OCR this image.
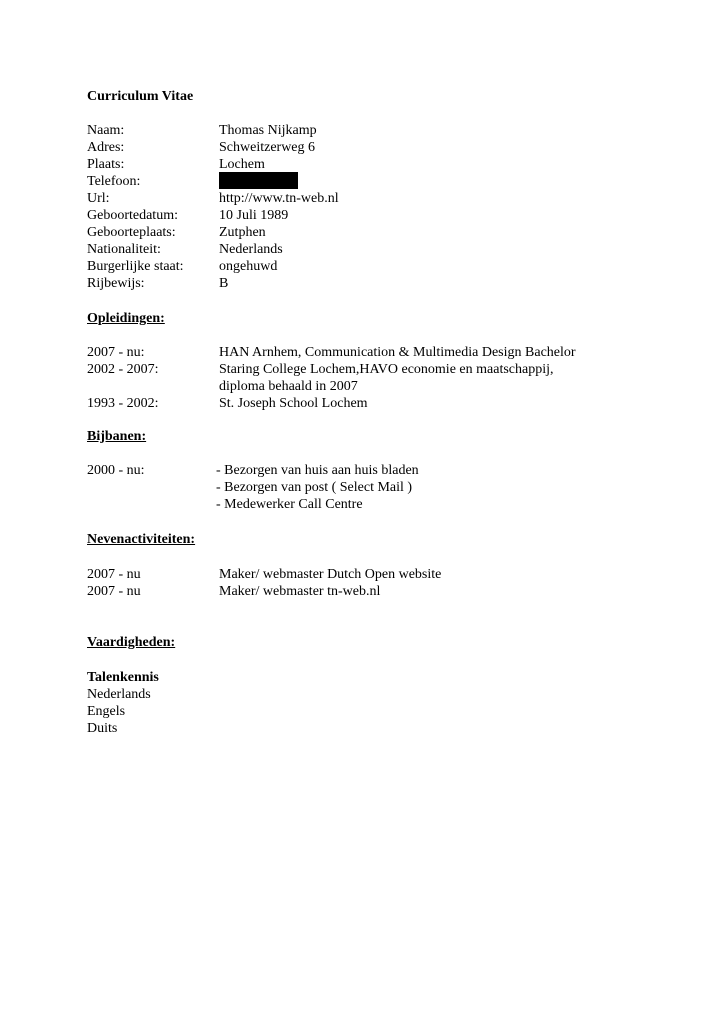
Curriculum Vitae
Naam:	Thomas Nijkamp
Adres:	Schweitzerweg 6
Plaats:	Lochem
Telefoon:
Url:	http://www.tn-web.nl
Geboortedatum:	10 Juli 1989
Geboorteplaats:	Zutphen
Nationaliteit:	Nederlands
Burgerlijke staat:	ongehuwd
Rijbewijs:	B
Opleidingen:
2007 - nu:	HAN Arnhem, Communication & Multimedia Design Bachelor
2002 - 2007:	Staring College Lochem,HAVO economie en maatschappij,
diploma behaald in 2007
1993 - 2002:	St. Joseph School Lochem
Bijbanen:
2000 - nu:	- Bezorgen van huis aan huis bladen
- Bezorgen van post ( Select Mail )
- Medewerker Call Centre
Nevenactiviteiten:
2007 - nu	Maker/ webmaster Dutch Open website
2007 - nu	Maker/ webmaster tn-web.nl
Vaardigheden:
Talenkennis
Nederlands
Engels
Duits
